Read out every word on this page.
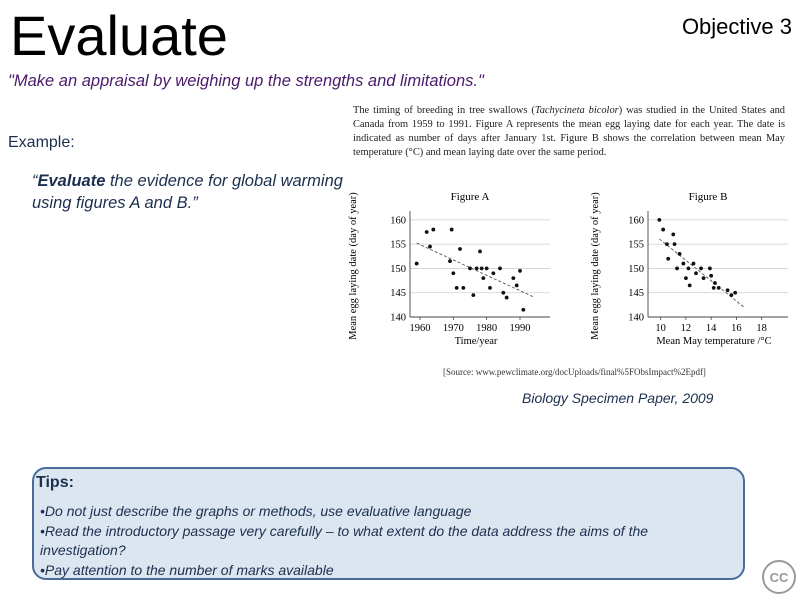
Evaluate	Objective 3
"Make an appraisal by weighing up the strengths and limitations."
The timing of breeding in tree swallows (Tachycineta bicolor) was studied in the United States and Canada from 1959 to 1991. Figure A represents the mean egg laying date for each year. The date is indicated as number of days after January 1st. Figure B shows the correlation between mean May temperature (°C) and mean laying date over the same period.
Figure A
140
145
150
155
160
1960 1970 1980 1990
Time/year
Mean egg laying date (day of year)	Figure B
140
145
150
155
160
10 12 14 16 18
Mean May temperature /°C
Mean egg laying date (day of year)
[Source: www.pewclimate.org/docUploads/final%5FObsImpact%2Epdf]
Example:
“Evaluate the evidence for global warming using figures A and B.”
Biology Specimen Paper, 2009
Tips:
•Do not just describe the graphs or methods, use evaluative language
•Read the introductory passage very carefully – to what extent do the data address the aims of the investigation?
•Pay attention to the number of marks available	CC
